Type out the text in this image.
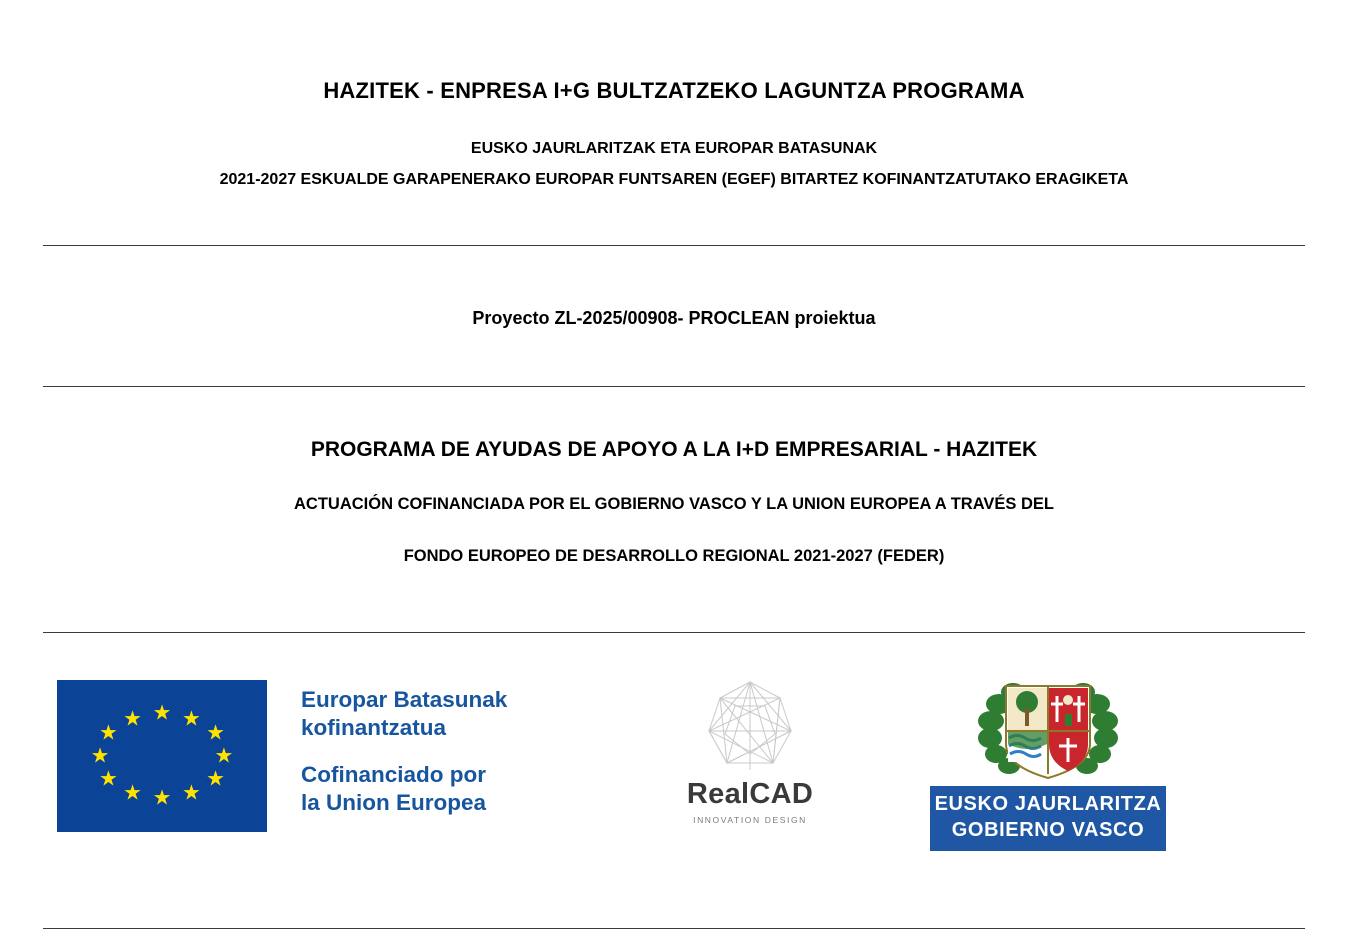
HAZITEK - ENPRESA I+G BULTZATZEKO LAGUNTZA PROGRAMA
EUSKO JAURLARITZAK ETA EUROPAR BATASUNAK
2021-2027 ESKUALDE GARAPENERAKO EUROPAR FUNTSAREN (EGEF) BITARTEZ KOFINANTZATUTAKO ERAGIKETA
Proyecto ZL-2025/00908- PROCLEAN proiektua
PROGRAMA DE AYUDAS DE APOYO A LA I+D EMPRESARIAL - HAZITEK
ACTUACIÓN COFINANCIADA POR EL GOBIERNO VASCO Y LA UNION EUROPEA A TRAVÉS DEL
FONDO EUROPEO DE DESARROLLO REGIONAL 2021-2027 (FEDER)
★ ★
★
★
★
★
★
★
★
★
★
★
Europar Batasunak
kofinantzatua
Cofinanciado por
la Union Europea	RealCAD
INNOVATION DESIGN
EUSKO JAURLARITZA
GOBIERNO VASCO
